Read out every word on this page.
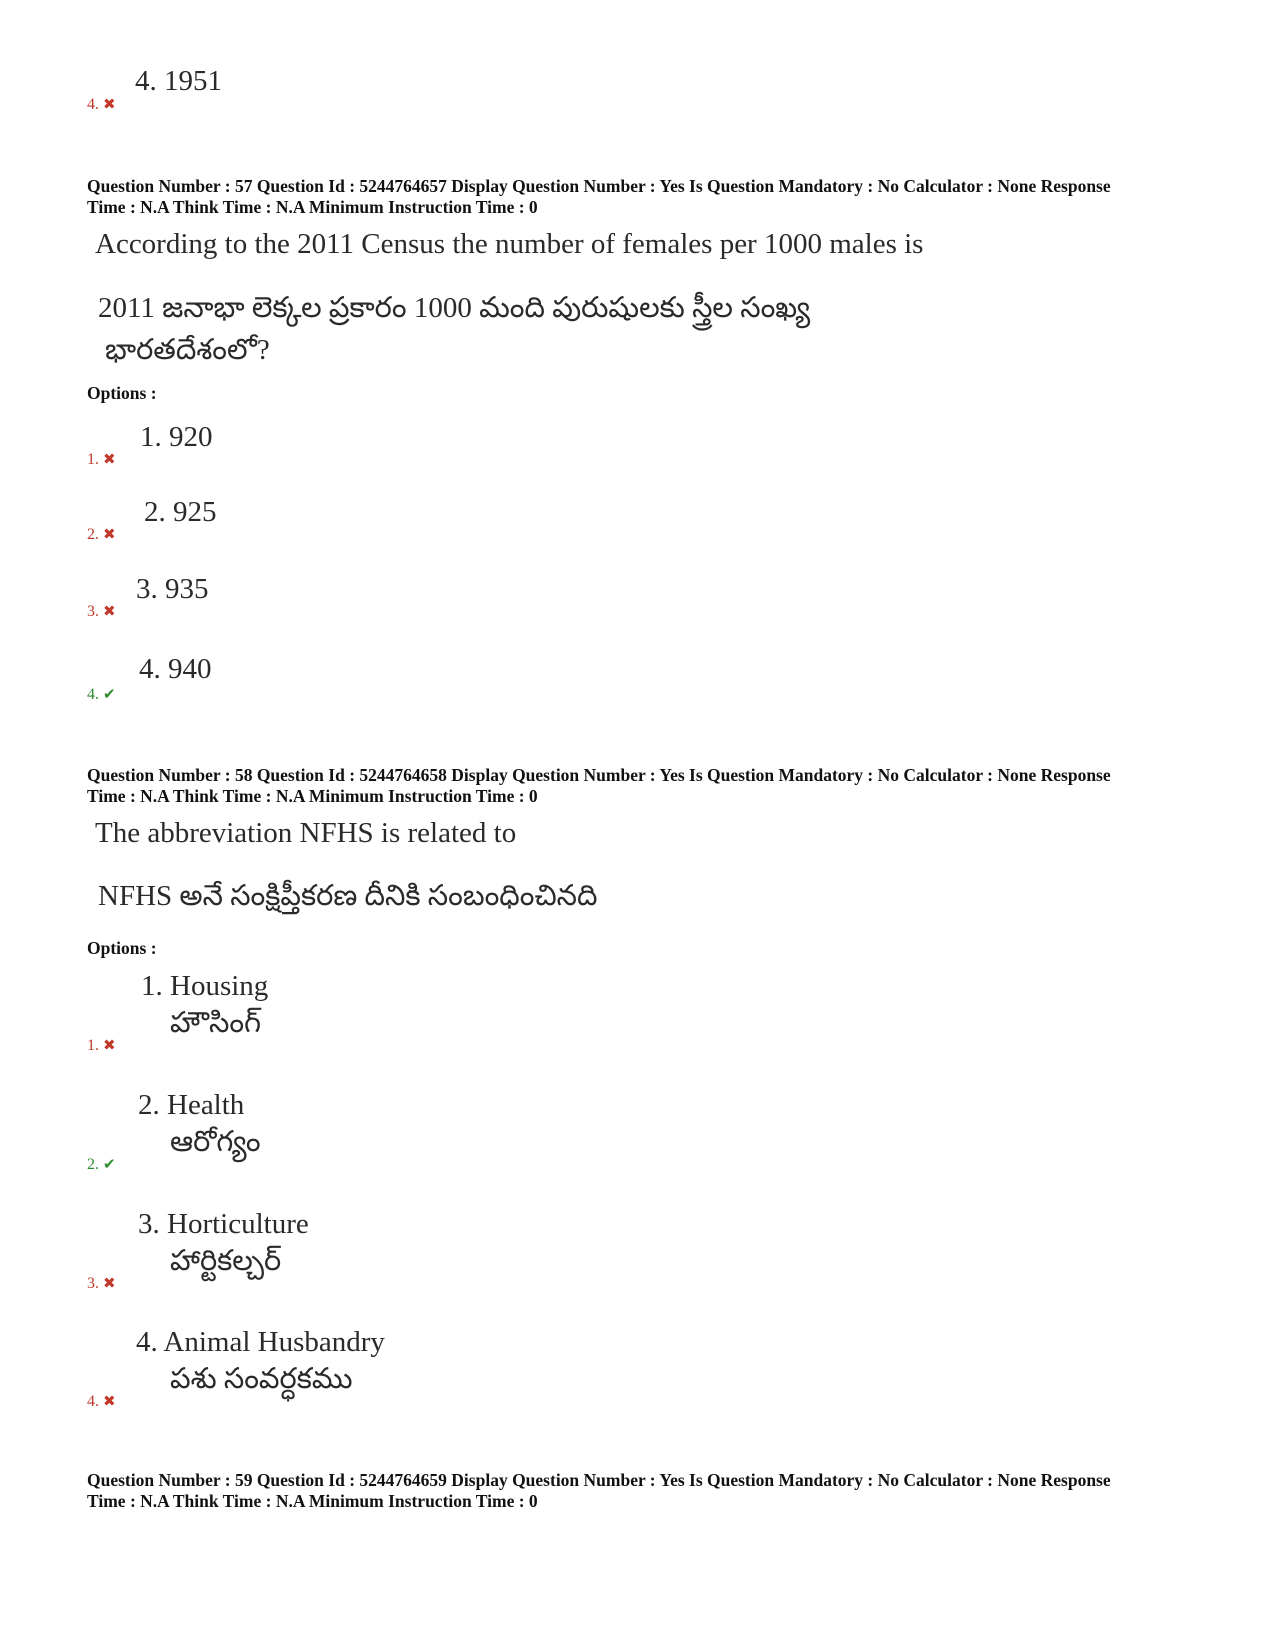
4. 1951
4. ✖
Question Number : 57 Question Id : 5244764657 Display Question Number : Yes Is Question Mandatory : No Calculator : None Response
Time : N.A Think Time : N.A Minimum Instruction Time : 0
According to the 2011 Census the number of females per 1000 males is
2011 జనాభా లెక్కల ప్రకారం 1000 మంది పురుషులకు స్త్రీల సంఖ్య
భారతదేశంలో?
Options :
1. 920
1. ✖
2. 925
2. ✖
3. 935
3. ✖
4. 940
4. ✔
Question Number : 58 Question Id : 5244764658 Display Question Number : Yes Is Question Mandatory : No Calculator : None Response
Time : N.A Think Time : N.A Minimum Instruction Time : 0
The abbreviation NFHS is related to
NFHS అనే సంక్షిప్తీకరణ దీనికి సంబంధించినది
Options :
1. Housing
హౌసింగ్
1. ✖
2. Health
ఆరోగ్యం
2. ✔
3. Horticulture
హార్టికల్చర్
3. ✖
4. Animal Husbandry
పశు సంవర్ధకము
4. ✖
Question Number : 59 Question Id : 5244764659 Display Question Number : Yes Is Question Mandatory : No Calculator : None Response
Time : N.A Think Time : N.A Minimum Instruction Time : 0
